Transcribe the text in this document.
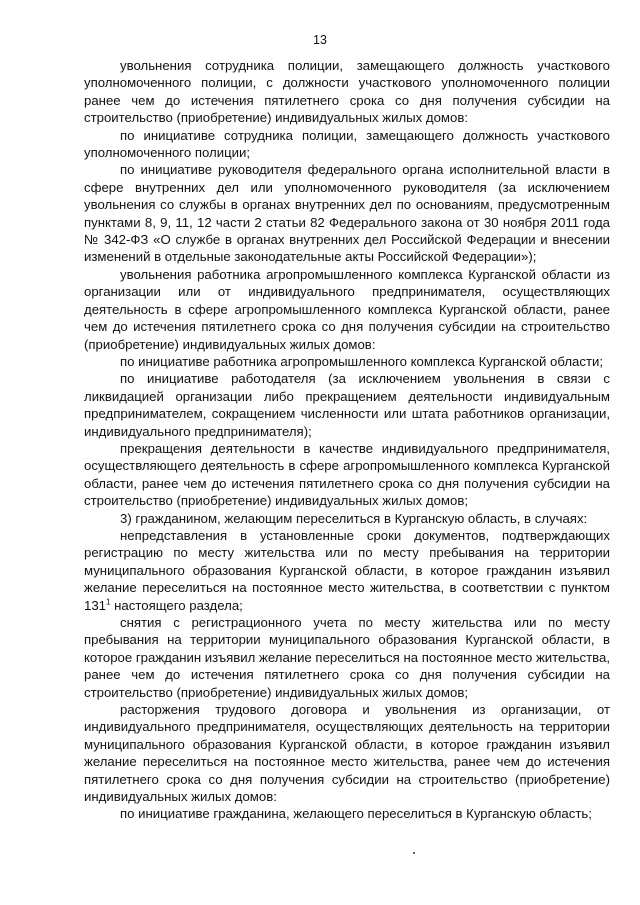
13

увольнения сотрудника полиции, замещающего должность участкового уполномоченного полиции, с должности участкового уполномоченного полиции ранее чем до истечения пятилетнего срока со дня получения субсидии на строительство (приобретение) индивидуальных жилых домов:

по инициативе сотрудника полиции, замещающего должность участкового уполномоченного полиции;

по инициативе руководителя федерального органа исполнительной власти в сфере внутренних дел или уполномоченного руководителя (за исключением увольнения со службы в органах внутренних дел по основаниям, предусмотренным пунктами 8, 9, 11, 12 части 2 статьи 82 Федерального закона от 30 ноября 2011 года № 342-ФЗ «О службе в органах внутренних дел Российской Федерации и внесении изменений в отдельные законодательные акты Российской Федерации»);

увольнения работника агропромышленного комплекса Курганской области из организации или от индивидуального предпринимателя, осуществляющих деятельность в сфере агропромышленного комплекса Курганской области, ранее чем до истечения пятилетнего срока со дня получения субсидии на строительство (приобретение) индивидуальных жилых домов:

по инициативе работника агропромышленного комплекса Курганской области;

по инициативе работодателя (за исключением увольнения в связи с ликвидацией организации либо прекращением деятельности индивидуальным предпринимателем, сокращением численности или штата работников организации, индивидуального предпринимателя);

прекращения деятельности в качестве индивидуального предпринимателя, осуществляющего деятельность в сфере агропромышленного комплекса Курганской области, ранее чем до истечения пятилетнего срока со дня получения субсидии на строительство (приобретение) индивидуальных жилых домов;

3) гражданином, желающим переселиться в Курганскую область, в случаях:

непредставления в установленные сроки документов, подтверждающих регистрацию по месту жительства или по месту пребывания на территории муниципального образования Курганской области, в которое гражданин изъявил желание переселиться на постоянное место жительства, в соответствии с пунктом $131^1$ настоящего раздела;

снятия с регистрационного учета по месту жительства или по месту пребывания на территории муниципального образования Курганской области, в которое гражданин изъявил желание переселиться на постоянное место жительства, ранее чем до истечения пятилетнего срока со дня получения субсидии на строительство (приобретение) индивидуальных жилых домов;

расторжения трудового договора и увольнения из организации, от индивидуального предпринимателя, осуществляющих деятельность на территории муниципального образования Курганской области, в которое гражданин изъявил желание переселиться на постоянное место жительства, ранее чем до истечения пятилетнего срока со дня получения субсидии на строительство (приобретение) индивидуальных жилых домов:

по инициативе гражданина, желающего переселиться в Курганскую область;
